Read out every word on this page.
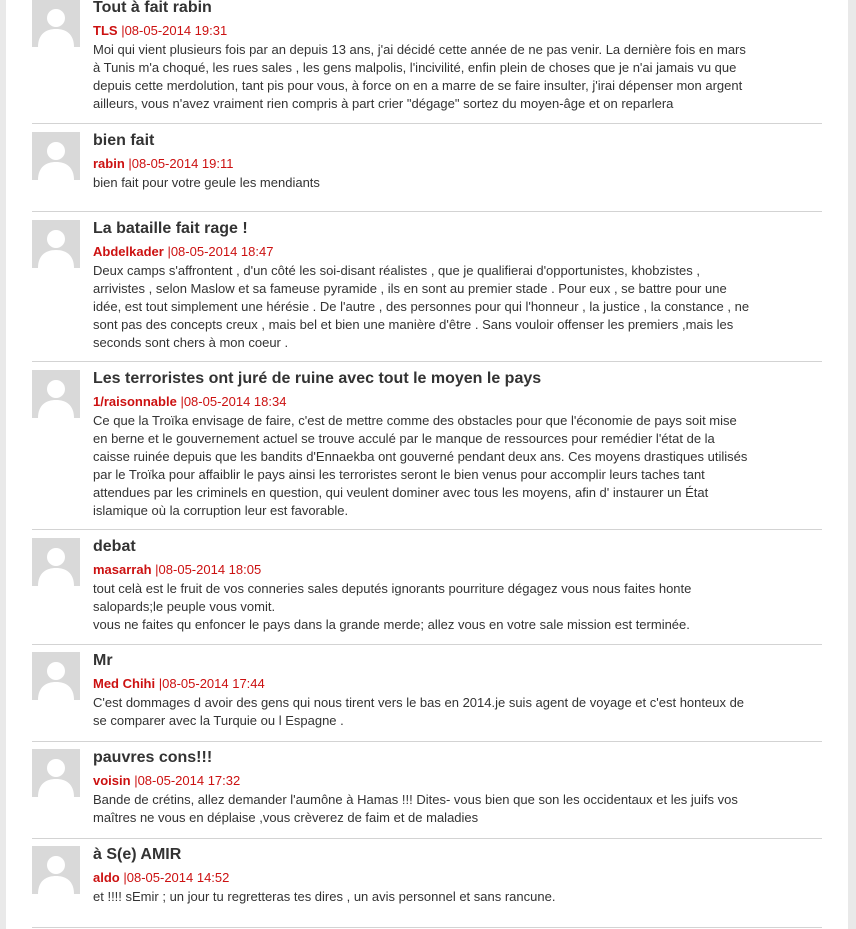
Tout à fait rabin
TLS |08-05-2014 19:31
Moi qui vient plusieurs fois par an depuis 13 ans, j'ai décidé cette année de ne pas venir. La dernière fois en mars
à Tunis m'a choqué, les rues sales , les gens malpolis, l'incivilité, enfin plein de choses que je n'ai jamais vu que
depuis cette merdolution, tant pis pour vous, à force on en a marre de se faire insulter, j'irai dépenser mon argent
ailleurs, vous n'avez vraiment rien compris à part crier "dégage" sortez du moyen-âge et on reparlera
bien fait
rabin |08-05-2014 19:11
bien fait pour votre geule les mendiants
La bataille fait rage !
Abdelkader |08-05-2014 18:47
Deux camps s'affrontent , d'un côté les soi-disant réalistes , que je qualifierai d'opportunistes, khobzistes ,
arrivistes , selon Maslow et sa fameuse pyramide , ils en sont au premier stade . Pour eux , se battre pour une
idée, est tout simplement une hérésie . De l'autre , des personnes pour qui l'honneur , la justice , la constance , ne
sont pas des concepts creux , mais bel et bien une manière d'être . Sans vouloir offenser les premiers ,mais les
seconds sont chers à mon coeur .
Les terroristes ont juré de ruine avec tout le moyen le pays
1/raisonnable |08-05-2014 18:34
Ce que la Troïka envisage de faire, c'est de mettre comme des obstacles pour que l'économie de pays soit mise
en berne et le gouvernement actuel se trouve acculé par le manque de ressources pour remédier l'état de la
caisse ruinée depuis que les bandits d'Ennaekba ont gouverné pendant deux ans. Ces moyens drastiques utilisés
par le Troïka pour affaiblir le pays ainsi les terroristes seront le bien venus pour accomplir leurs taches tant
attendues par les criminels en question, qui veulent dominer avec tous les moyens, afin d' instaurer un État
islamique où la corruption leur est favorable.
debat
masarrah |08-05-2014 18:05
tout celà est le fruit de vos conneries sales deputés ignorants pourriture dégagez vous nous faites honte
salopards;le peuple vous vomit.
vous ne faites qu enfoncer le pays dans la grande merde; allez vous en votre sale mission est terminée.
Mr
Med Chihi |08-05-2014 17:44
C'est dommages d avoir des gens qui nous tirent vers le bas en 2014.je suis agent de voyage et c'est honteux de
se comparer avec la Turquie ou l Espagne .
pauvres cons!!!
voisin |08-05-2014 17:32
Bande de crétins, allez demander l'aumône à Hamas !!! Dites- vous bien que son les occidentaux et les juifs vos
maîtres ne vous en déplaise ,vous crèverez de faim et de maladies
à S(e) AMIR
aldo |08-05-2014 14:52
et !!!! sEmir ; un jour tu regretteras tes dires , un avis personnel et sans rancune.
